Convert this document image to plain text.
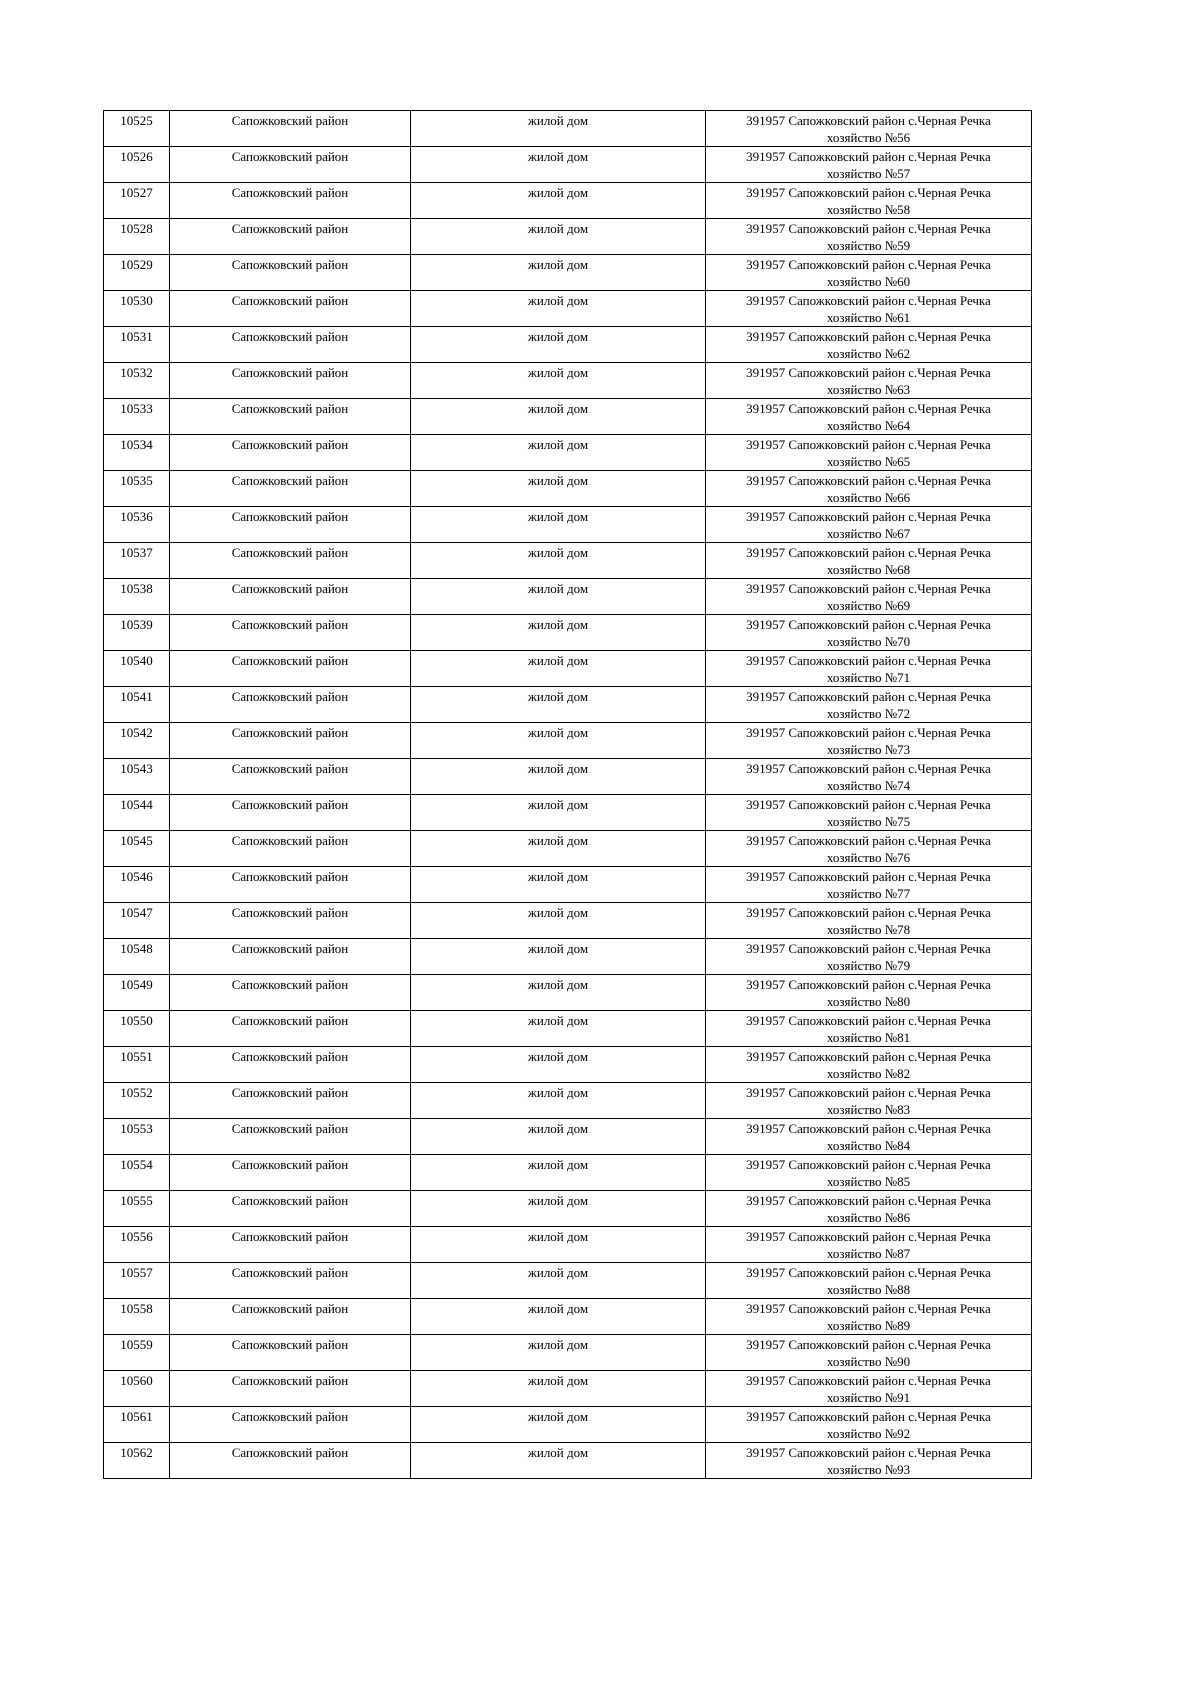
10525	Сапожковский район	жилой дом	391957 Сапожковский район с.Черная Речка
хозяйство №56

10526	Сапожковский район	жилой дом	391957 Сапожковский район с.Черная Речка
хозяйство №57

10527	Сапожковский район	жилой дом	391957 Сапожковский район с.Черная Речка
хозяйство №58

10528	Сапожковский район	жилой дом	391957 Сапожковский район с.Черная Речка
хозяйство №59

10529	Сапожковский район	жилой дом	391957 Сапожковский район с.Черная Речка
хозяйство №60

10530	Сапожковский район	жилой дом	391957 Сапожковский район с.Черная Речка
хозяйство №61

10531	Сапожковский район	жилой дом	391957 Сапожковский район с.Черная Речка
хозяйство №62

10532	Сапожковский район	жилой дом	391957 Сапожковский район с.Черная Речка
хозяйство №63

10533	Сапожковский район	жилой дом	391957 Сапожковский район с.Черная Речка
хозяйство №64

10534	Сапожковский район	жилой дом	391957 Сапожковский район с.Черная Речка
хозяйство №65

10535	Сапожковский район	жилой дом	391957 Сапожковский район с.Черная Речка
хозяйство №66

10536	Сапожковский район	жилой дом	391957 Сапожковский район с.Черная Речка
хозяйство №67

10537	Сапожковский район	жилой дом	391957 Сапожковский район с.Черная Речка
хозяйство №68

10538	Сапожковский район	жилой дом	391957 Сапожковский район с.Черная Речка
хозяйство №69

10539	Сапожковский район	жилой дом	391957 Сапожковский район с.Черная Речка
хозяйство №70

10540	Сапожковский район	жилой дом	391957 Сапожковский район с.Черная Речка
хозяйство №71

10541	Сапожковский район	жилой дом	391957 Сапожковский район с.Черная Речка
хозяйство №72

10542	Сапожковский район	жилой дом	391957 Сапожковский район с.Черная Речка
хозяйство №73

10543	Сапожковский район	жилой дом	391957 Сапожковский район с.Черная Речка
хозяйство №74

10544	Сапожковский район	жилой дом	391957 Сапожковский район с.Черная Речка
хозяйство №75

10545	Сапожковский район	жилой дом	391957 Сапожковский район с.Черная Речка
хозяйство №76

10546	Сапожковский район	жилой дом	391957 Сапожковский район с.Черная Речка
хозяйство №77

10547	Сапожковский район	жилой дом	391957 Сапожковский район с.Черная Речка
хозяйство №78

10548	Сапожковский район	жилой дом	391957 Сапожковский район с.Черная Речка
хозяйство №79

10549	Сапожковский район	жилой дом	391957 Сапожковский район с.Черная Речка
хозяйство №80

10550	Сапожковский район	жилой дом	391957 Сапожковский район с.Черная Речка
хозяйство №81

10551	Сапожковский район	жилой дом	391957 Сапожковский район с.Черная Речка
хозяйство №82

10552	Сапожковский район	жилой дом	391957 Сапожковский район с.Черная Речка
хозяйство №83

10553	Сапожковский район	жилой дом	391957 Сапожковский район с.Черная Речка
хозяйство №84

10554	Сапожковский район	жилой дом	391957 Сапожковский район с.Черная Речка
хозяйство №85

10555	Сапожковский район	жилой дом	391957 Сапожковский район с.Черная Речка
хозяйство №86

10556	Сапожковский район	жилой дом	391957 Сапожковский район с.Черная Речка
хозяйство №87

10557	Сапожковский район	жилой дом	391957 Сапожковский район с.Черная Речка
хозяйство №88

10558	Сапожковский район	жилой дом	391957 Сапожковский район с.Черная Речка
хозяйство №89

10559	Сапожковский район	жилой дом	391957 Сапожковский район с.Черная Речка
хозяйство №90

10560	Сапожковский район	жилой дом	391957 Сапожковский район с.Черная Речка
хозяйство №91

10561	Сапожковский район	жилой дом	391957 Сапожковский район с.Черная Речка
хозяйство №92

10562	Сапожковский район	жилой дом	391957 Сапожковский район с.Черная Речка
хозяйство №93
